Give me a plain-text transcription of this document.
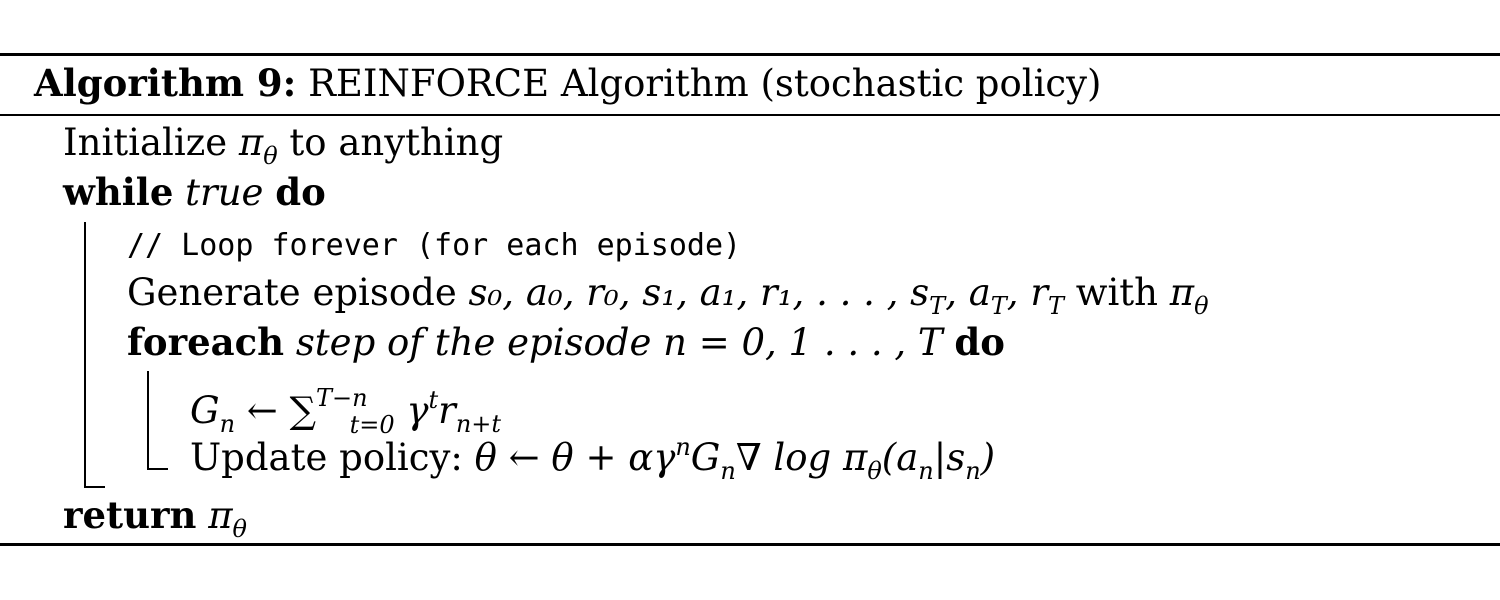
Algorithm 9: REINFORCE Algorithm (stochastic policy)
Initialize $\pi_\theta$ to anything
while true do
// Loop forever (for each episode)
Generate episode s₀, a₀, r₀, s₁, a₁, r₁, . . . , $s_T$, $a_T$, $r_T$ with $\pi_\theta$
foreach step of the episode n = 0, 1 . . . , T do
$G_n$ ← ∑$^{T-n}_{t=0}$ $\gamma^tr_{n+t}$
Update policy: θ ← $\theta + \alpha\gamma^nG_n\nabla$ $\log \pi_\theta(a_n|s_n)$
return $\pi_\theta$
